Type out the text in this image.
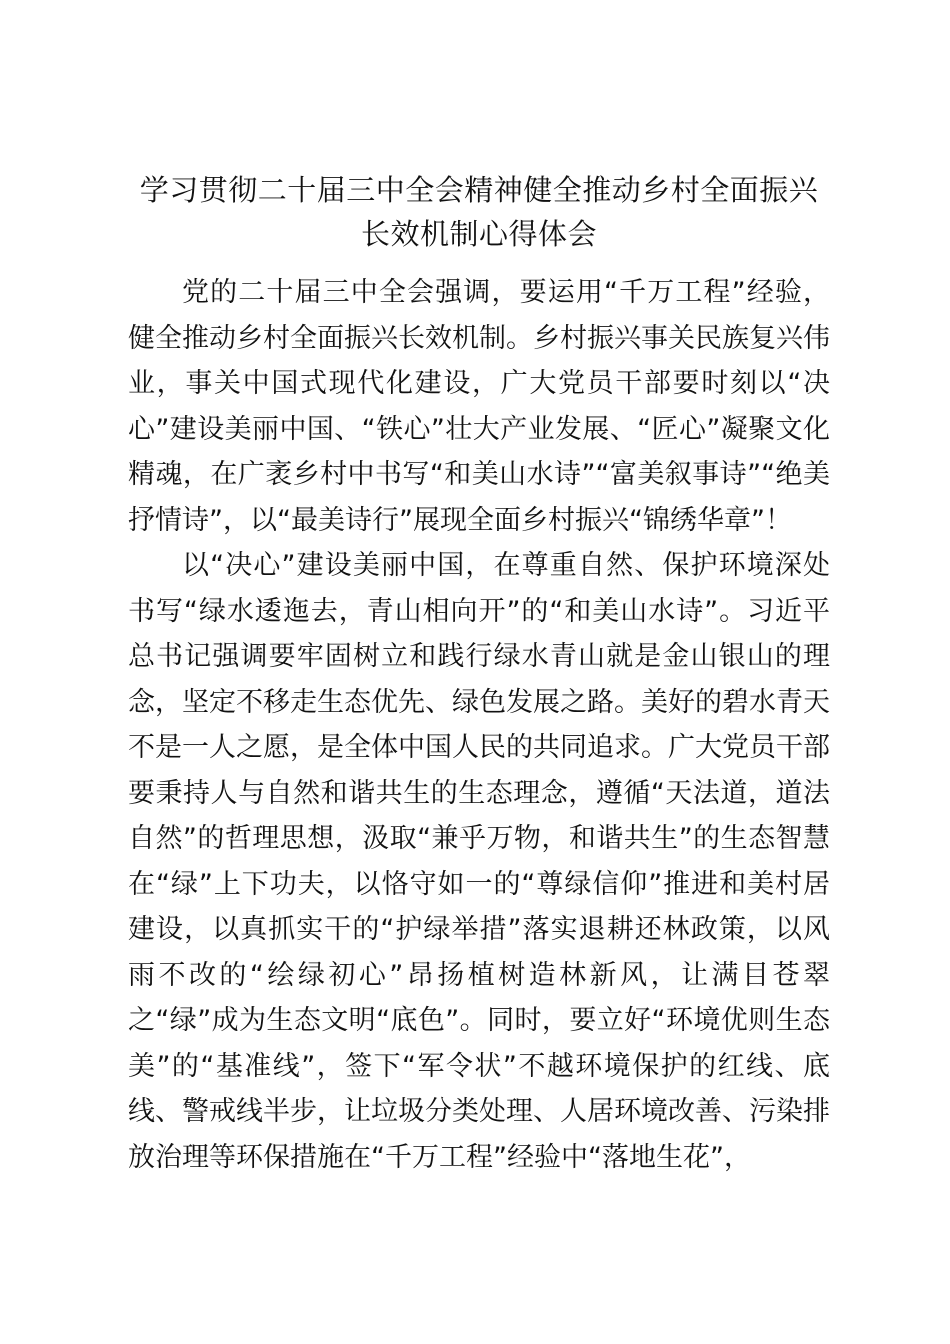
学习贯彻二十届三中全会精神健全推动乡村全面振兴长效机制心得体会

党的二十届三中全会强调，要运用“千万工程”经验，健全推动乡村全面振兴长效机制。乡村振兴事关民族复兴伟业，事关中国式现代化建设，广大党员干部要时刻以“决心”建设美丽中国、“铁心”壮大产业发展、“匠心”凝聚文化精魂，在广袤乡村中书写“和美山水诗”“富美叙事诗”“绝美抒情诗”，以“最美诗行”展现全面乡村振兴“锦绣华章”！

以“决心”建设美丽中国，在尊重自然、保护环境深处书写“绿水逶迤去，青山相向开”的“和美山水诗”。习近平总书记强调要牢固树立和践行绿水青山就是金山银山的理念，坚定不移走生态优先、绿色发展之路。美好的碧水青天不是一人之愿，是全体中国人民的共同追求。广大党员干部要秉持人与自然和谐共生的生态理念，遵循“天法道，道法自然”的哲理思想，汲取“兼乎万物，和谐共生”的生态智慧在“绿”上下功夫，以恪守如一的“尊绿信仰”推进和美村居建设，以真抓实干的“护绿举措”落实退耕还林政策，以风雨不改的“绘绿初心”昂扬植树造林新风，让满目苍翠之“绿”成为生态文明“底色”。同时，要立好“环境优则生态美”的“基准线”，签下“军令状”不越环境保护的红线、底线、警戒线半步，让垃圾分类处理、人居环境改善、污染排放治理等环保措施在“千万工程”经验中“落地生花”，
